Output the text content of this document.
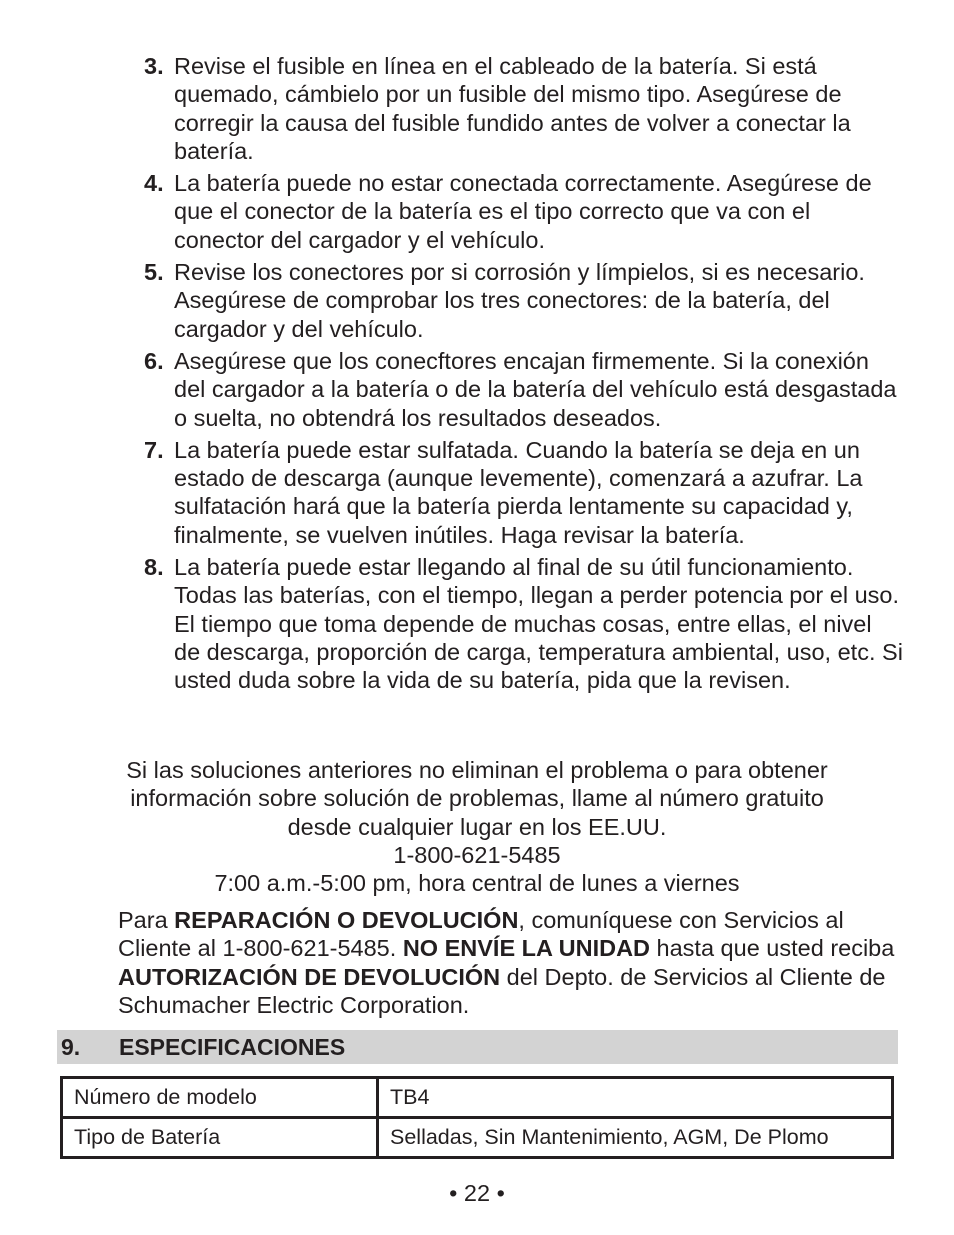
3. Revise el fusible en línea en el cableado de la batería. Si está quemado, cámbielo por un fusible del mismo tipo. Asegúrese de corregir la causa del fusible fundido antes de volver a conectar la batería.
4. La batería puede no estar conectada correctamente. Asegúrese de que el conector de la batería es el tipo correcto que va con el conector del cargador y el vehículo.
5. Revise los conectores por si corrosión y límpielos, si es necesario. Asegúrese de comprobar los tres conectores: de la batería, del cargador y del vehículo.
6. Asegúrese que los conecftores encajan firmemente. Si la conexión del cargador a la batería o de la batería del vehículo está desgastada o suelta, no obtendrá los resultados deseados.
7. La batería puede estar sulfatada. Cuando la batería se deja en un estado de descarga (aunque levemente), comenzará a azufrar. La sulfatación hará que la batería pierda lentamente su capacidad y, finalmente, se vuelven inútiles. Haga revisar la batería.
8. La batería puede estar llegando al final de su útil funcionamiento. Todas las baterías, con el tiempo, llegan a perder potencia por el uso. El tiempo que toma depende de muchas cosas, entre ellas, el nivel de descarga, proporción de carga, temperatura ambiental, uso, etc. Si usted duda sobre la vida de su batería, pida que la revisen.

Si las soluciones anteriores no eliminan el problema o para obtener

información sobre solución de problemas, llame al número gratuito

desde cualquier lugar en los EE.UU.

1-800-621-5485

7:00 a.m.-5:00 pm, hora central de lunes a viernes

Para REPARACIÓN O DEVOLUCIÓN, comuníquese con Servicios al Cliente al 1-800-621-5485. NO ENVÍE LA UNIDAD hasta que usted reciba AUTORIZACIÓN DE DEVOLUCIÓN del Depto. de Servicios al Cliente de Schumacher Electric Corporation.

9. ESPECIFICACIONES
Número de modelo	TB4
Tipo de Batería	Selladas, Sin Mantenimiento, AGM, De Plomo
• 22 •
